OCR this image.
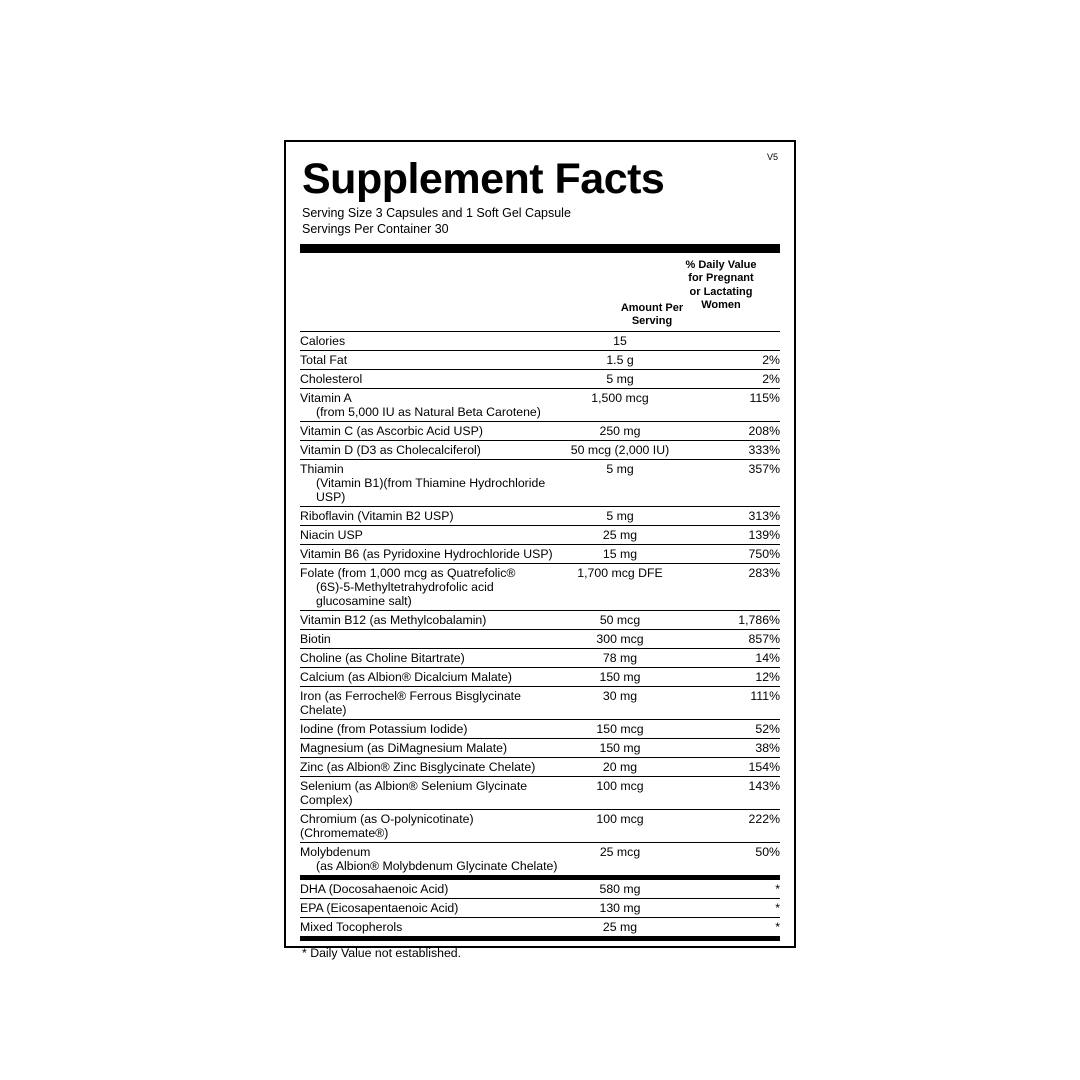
V5
Supplement Facts
Serving Size 3 Capsules and 1 Soft Gel Capsule
Servings Per Container 30
Amount Per
Serving
% Daily Value
for Pregnant
or Lactating
Women
Calories	15	
Total Fat	1.5 g	2%
Cholesterol	5 mg	2%
Vitamin A
(from 5,000 IU as Natural Beta Carotene)	1,500 mcg	115%
Vitamin C (as Ascorbic Acid USP)	250 mg	208%
Vitamin D (D3 as Cholecalciferol)	50 mcg (2,000 IU)	333%
Thiamin
(Vitamin B1)(from Thiamine Hydrochloride USP)	5 mg	357%
Riboflavin (Vitamin B2 USP)	5 mg	313%
Niacin USP	25 mg	139%
Vitamin B6 (as Pyridoxine Hydrochloride USP)	15 mg	750%
Folate (from 1,000 mcg as Quatrefolic®
(6S)-5-Methyltetrahydrofolic acid glucosamine salt)	1,700 mcg DFE	283%
Vitamin B12 (as Methylcobalamin)	50 mcg	1,786%
Biotin	300 mcg	857%
Choline (as Choline Bitartrate)	78 mg	14%
Calcium (as Albion® Dicalcium Malate)	150 mg	12%
Iron (as Ferrochel® Ferrous Bisglycinate Chelate)	30 mg	111%
Iodine (from Potassium Iodide)	150 mcg	52%
Magnesium (as DiMagnesium Malate)	150 mg	38%
Zinc (as Albion® Zinc Bisglycinate Chelate)	20 mg	154%
Selenium (as Albion® Selenium Glycinate Complex)	100 mcg	143%
Chromium (as O-polynicotinate) (Chromemate®)	100 mcg	222%
Molybdenum
(as Albion® Molybdenum Glycinate Chelate)	25 mcg	50%
DHA (Docosahaenoic Acid)	580 mg	*
EPA (Eicosapentaenoic Acid)	130 mg	*
Mixed Tocopherols	25 mg	*
* Daily Value not established.
